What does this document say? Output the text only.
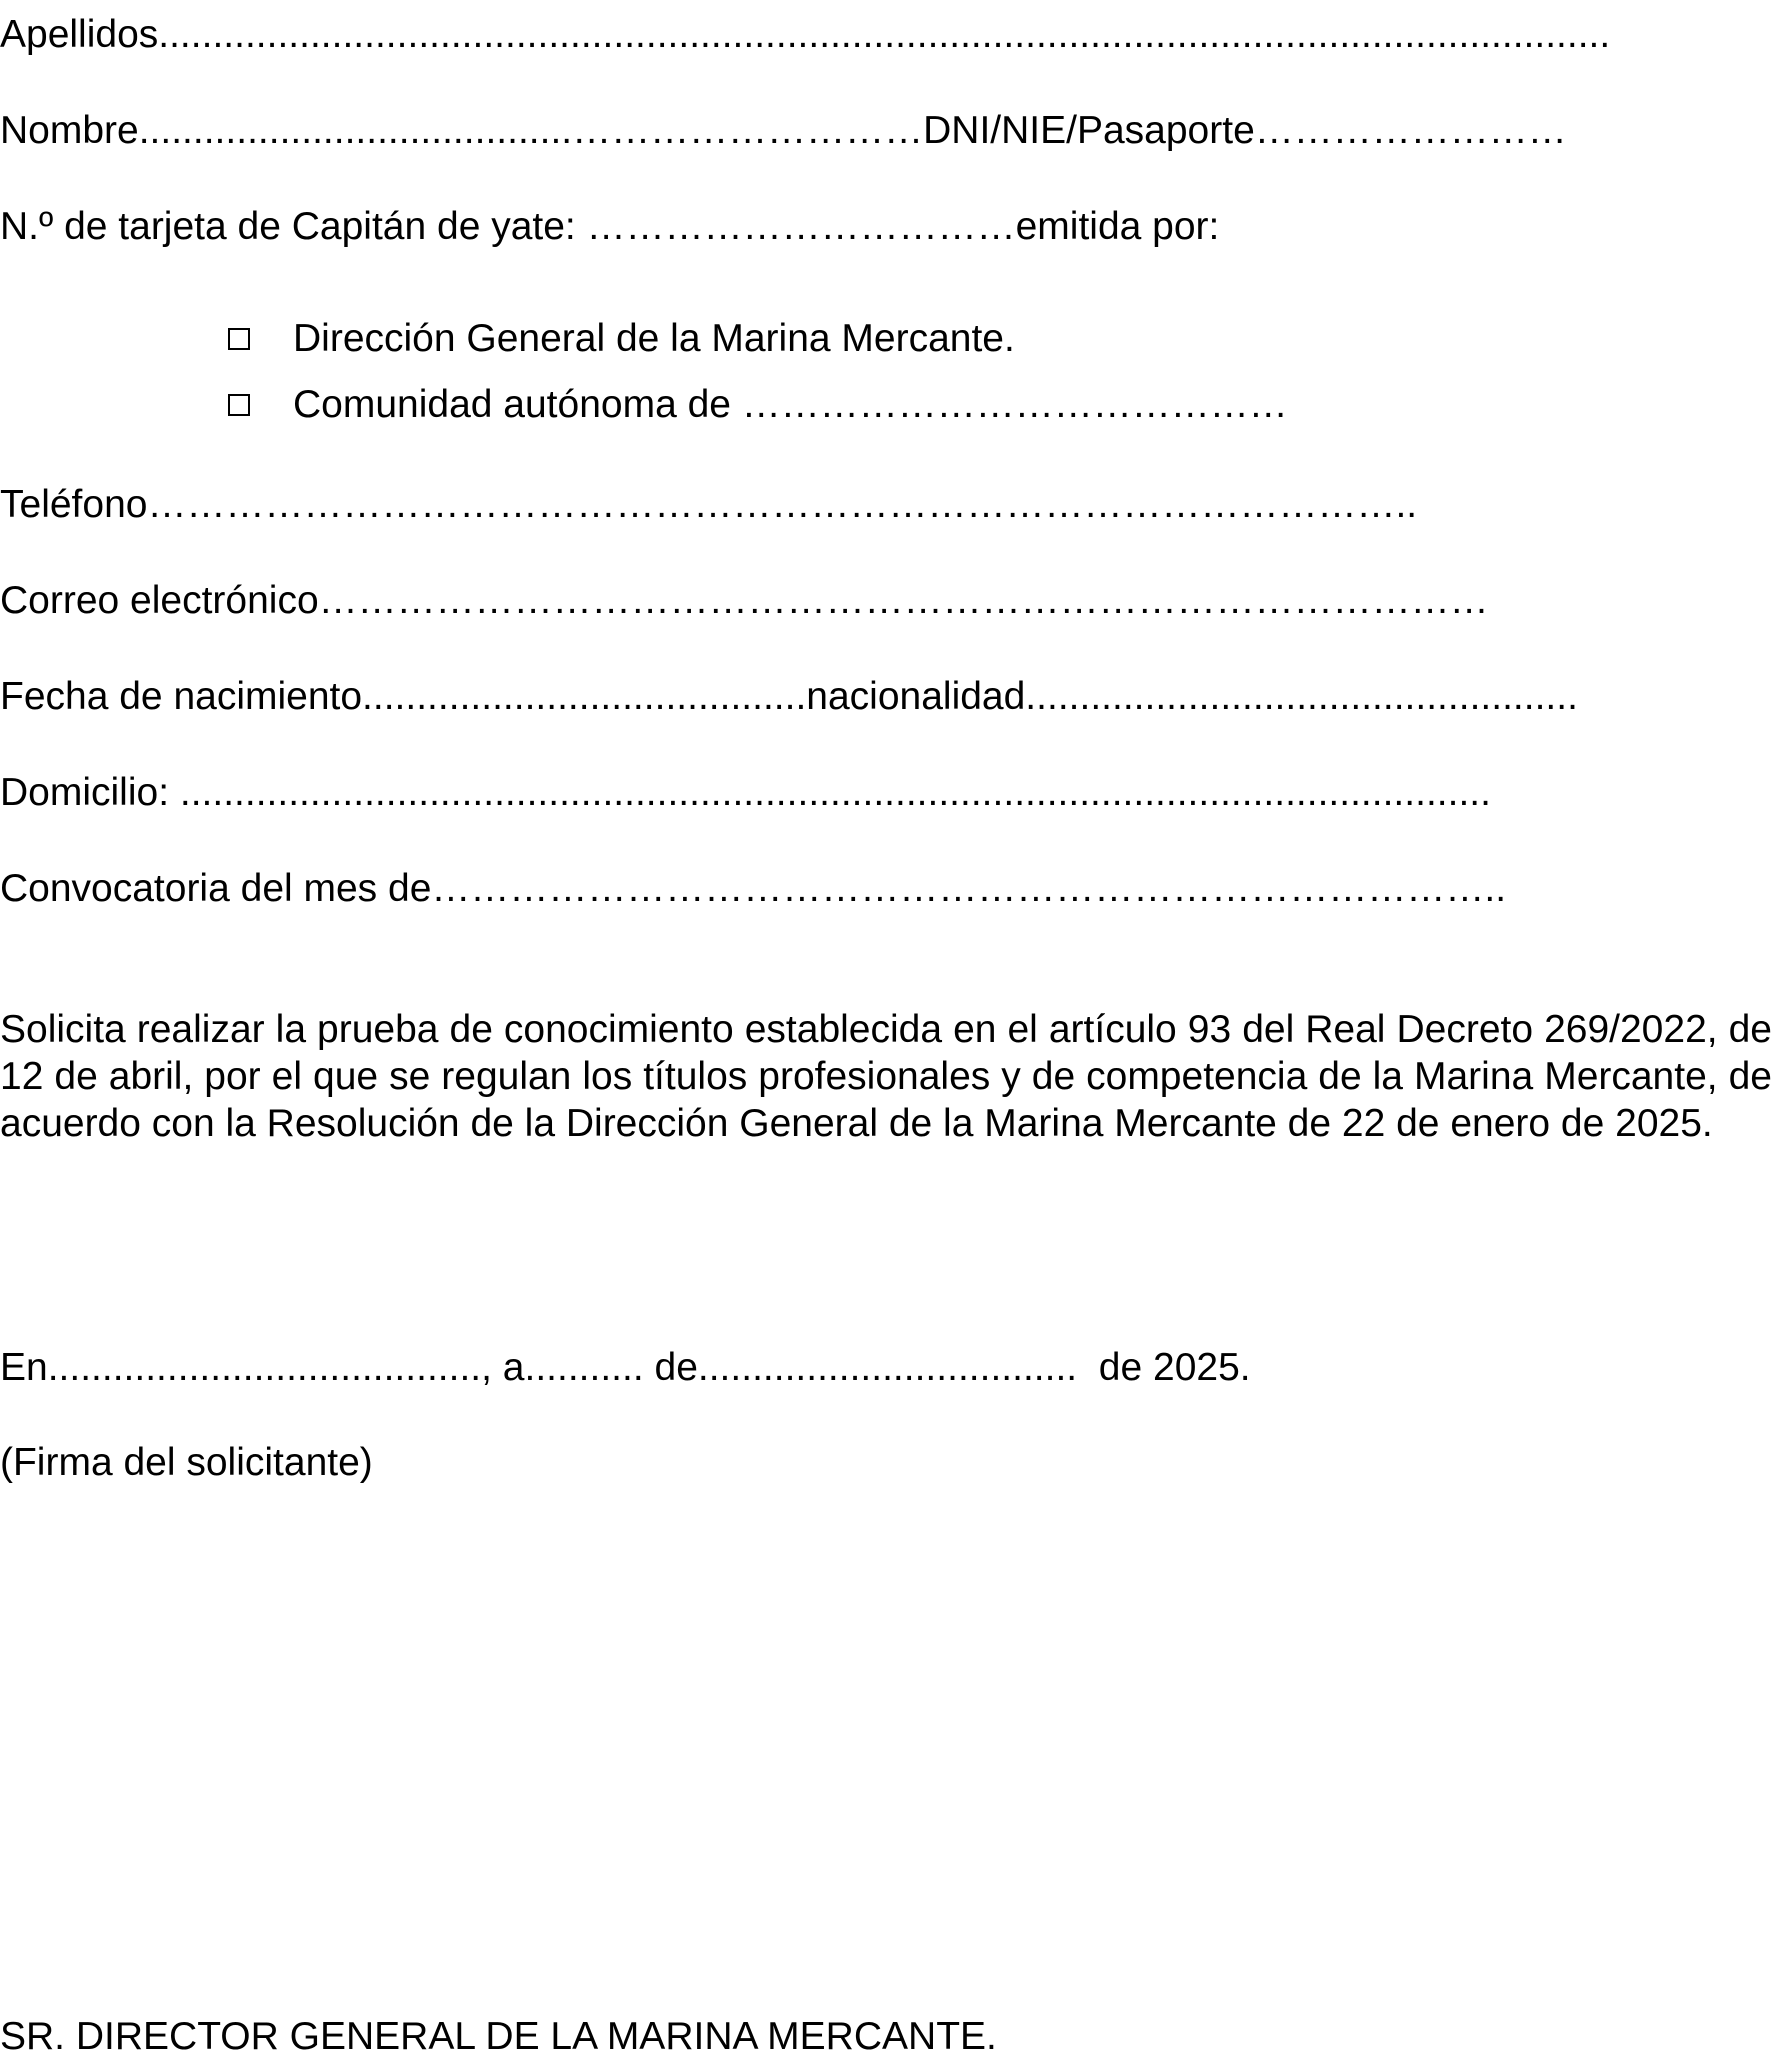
Apellidos......................................................................................................................................
Nombre........................................………………………DNI/NIE/Pasaporte……………………
N.º de tarjeta de Capitán de yate: ……………………………emitida por:
Dirección General de la Marina Mercante.
Comunidad autónoma de ……………………………………
Teléfono……………………………………………………………………………………..
Correo electrónico………………………………………………………………………………
Fecha de nacimiento.........................................nacionalidad...................................................
Domicilio: .........................................................................................................................
Convocatoria del mes de………………………………………………………………………..
Solicita realizar la prueba de conocimiento establecida en el artículo 93 del Real Decreto 269/2022, de 12 de abril, por el que se regulan los títulos profesionales y de competencia de la Marina Mercante, de acuerdo con la Resolución de la Dirección General de la Marina Mercante de 22 de enero de 2025.
En........................................, a........... de...................................  de 2025.
(Firma del solicitante)
SR. DIRECTOR GENERAL DE LA MARINA MERCANTE.
